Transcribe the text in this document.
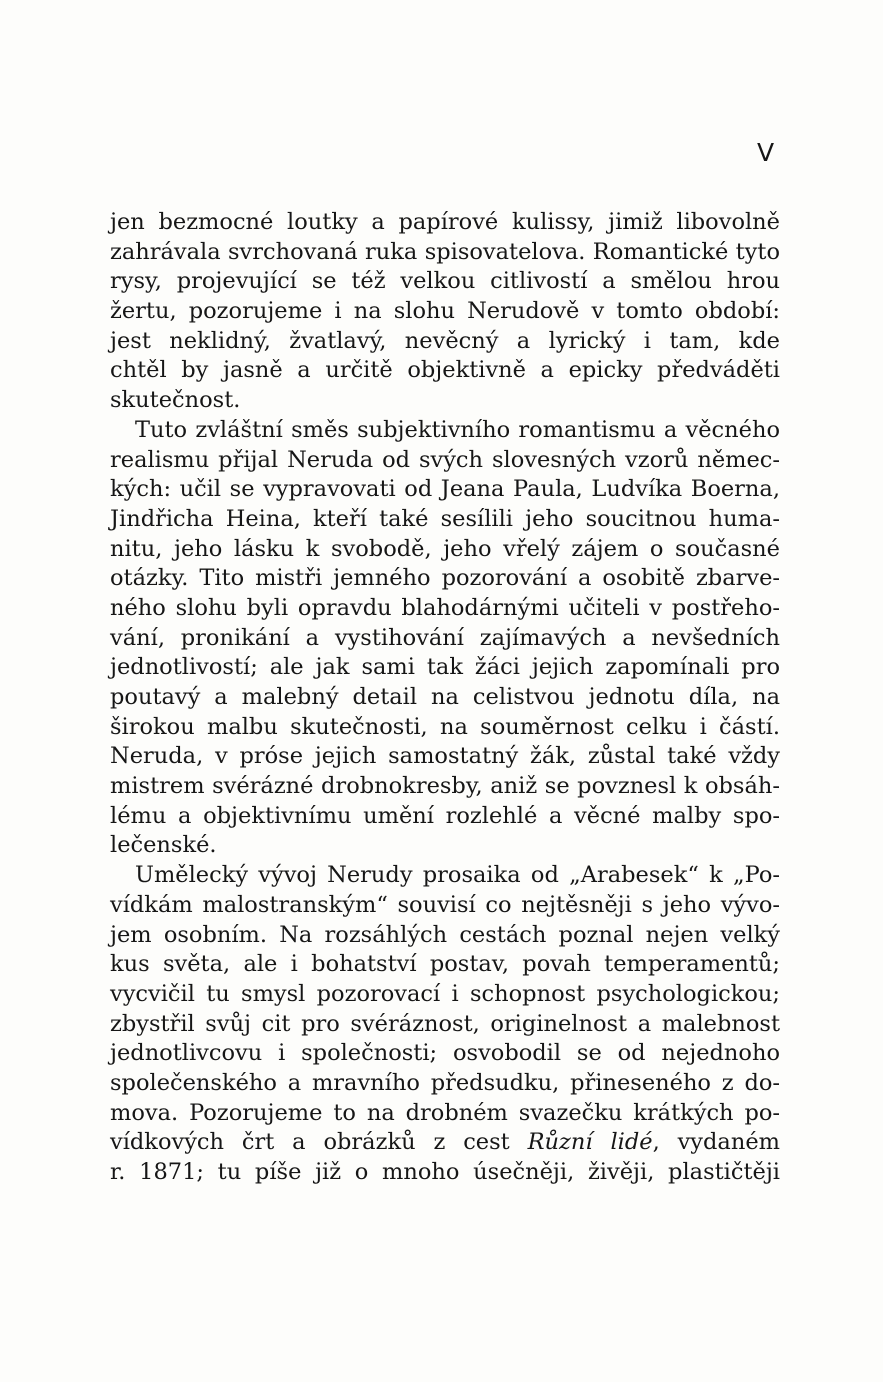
V
jen bezmocné loutky a papírové kulissy, jimiž libovolně
zahrávala svrchovaná ruka spisovatelova. Romantické tyto
rysy, projevující se též velkou citlivostí a smělou hrou
žertu, pozorujeme i na slohu Nerudově v tomto období:
jest neklidný, žvatlavý, nevěcný a lyrický i tam, kde
chtěl by jasně a určitě objektivně a epicky předváděti
skutečnost.
Tuto zvláštní směs subjektivního romantismu a věcného
realismu přijal Neruda od svých slovesných vzorů němec-
kých: učil se vypravovati od Jeana Paula, Ludvíka Boerna,
Jindřicha Heina, kteří také sesílili jeho soucitnou huma-
nitu, jeho lásku k svobodě, jeho vřelý zájem o současné
otázky. Tito mistři jemného pozorování a osobitě zbarve-
ného slohu byli opravdu blahodárnými učiteli v postřeho-
vání, pronikání a vystihování zajímavých a nevšedních
jednotlivostí; ale jak sami tak žáci jejich zapomínali pro
poutavý a malebný detail na celistvou jednotu díla, na
širokou malbu skutečnosti, na souměrnost celku i částí.
Neruda, v próse jejich samostatný žák, zůstal také vždy
mistrem svérázné drobnokresby, aniž se povznesl k obsáh-
lému a objektivnímu umění rozlehlé a věcné malby spo-
lečenské.
Umělecký vývoj Nerudy prosaika od „Arabesek“ k „Po-
vídkám malostranským“ souvisí co nejtěsněji s jeho vývo-
jem osobním. Na rozsáhlých cestách poznal nejen velký
kus světa, ale i bohatství postav, povah temperamentů;
vycvičil tu smysl pozorovací i schopnost psychologickou;
zbystřil svůj cit pro svéráznost, originelnost a malebnost
jednotlivcovu i společnosti; osvobodil se od nejednoho
společenského a mravního předsudku, přineseného z do-
mova. Pozorujeme to na drobném svazečku krátkých po-
vídkových črt a obrázků z cest Různí lidé, vydaném
r. 1871; tu píše již o mnoho úsečněji, živěji, plastičtěji
